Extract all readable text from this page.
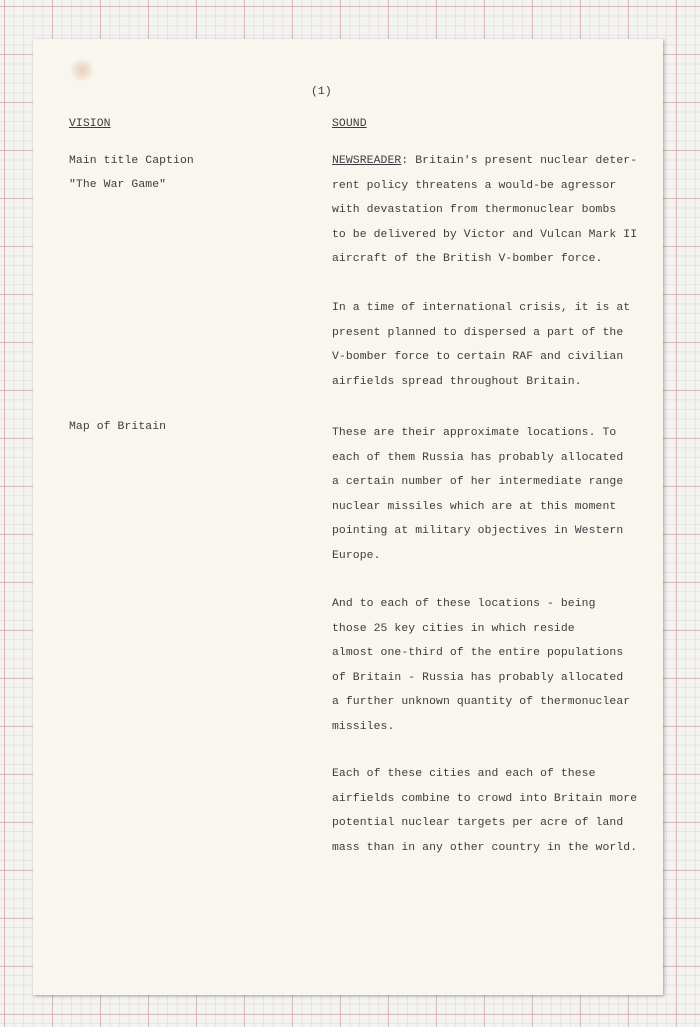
(1)
VISION	SOUND
Main title Caption
"The War Game"
Map of Britain

NEWSREADER: Britain's present nuclear deter-
rent policy threatens a would-be agressor
with devastation from thermonuclear bombs
to be delivered by Victor and Vulcan Mark II
aircraft of the British V-bomber force.

In a time of international crisis, it is at
present planned to dispersed a part of the
V-bomber force to certain RAF and civilian
airfields spread throughout Britain.

These are their approximate locations. To
each of them Russia has probably allocated
a certain number of her intermediate range
nuclear missiles which are at this moment
pointing at military objectives in Western
Europe.

And to each of these locations - being
those 25 key cities in which reside
almost one-third of the entire populations
of Britain - Russia has probably allocated
a further unknown quantity of thermonuclear
missiles.

Each of these cities and each of these
airfields combine to crowd into Britain more
potential nuclear targets per acre of land
mass than in any other country in the world.
